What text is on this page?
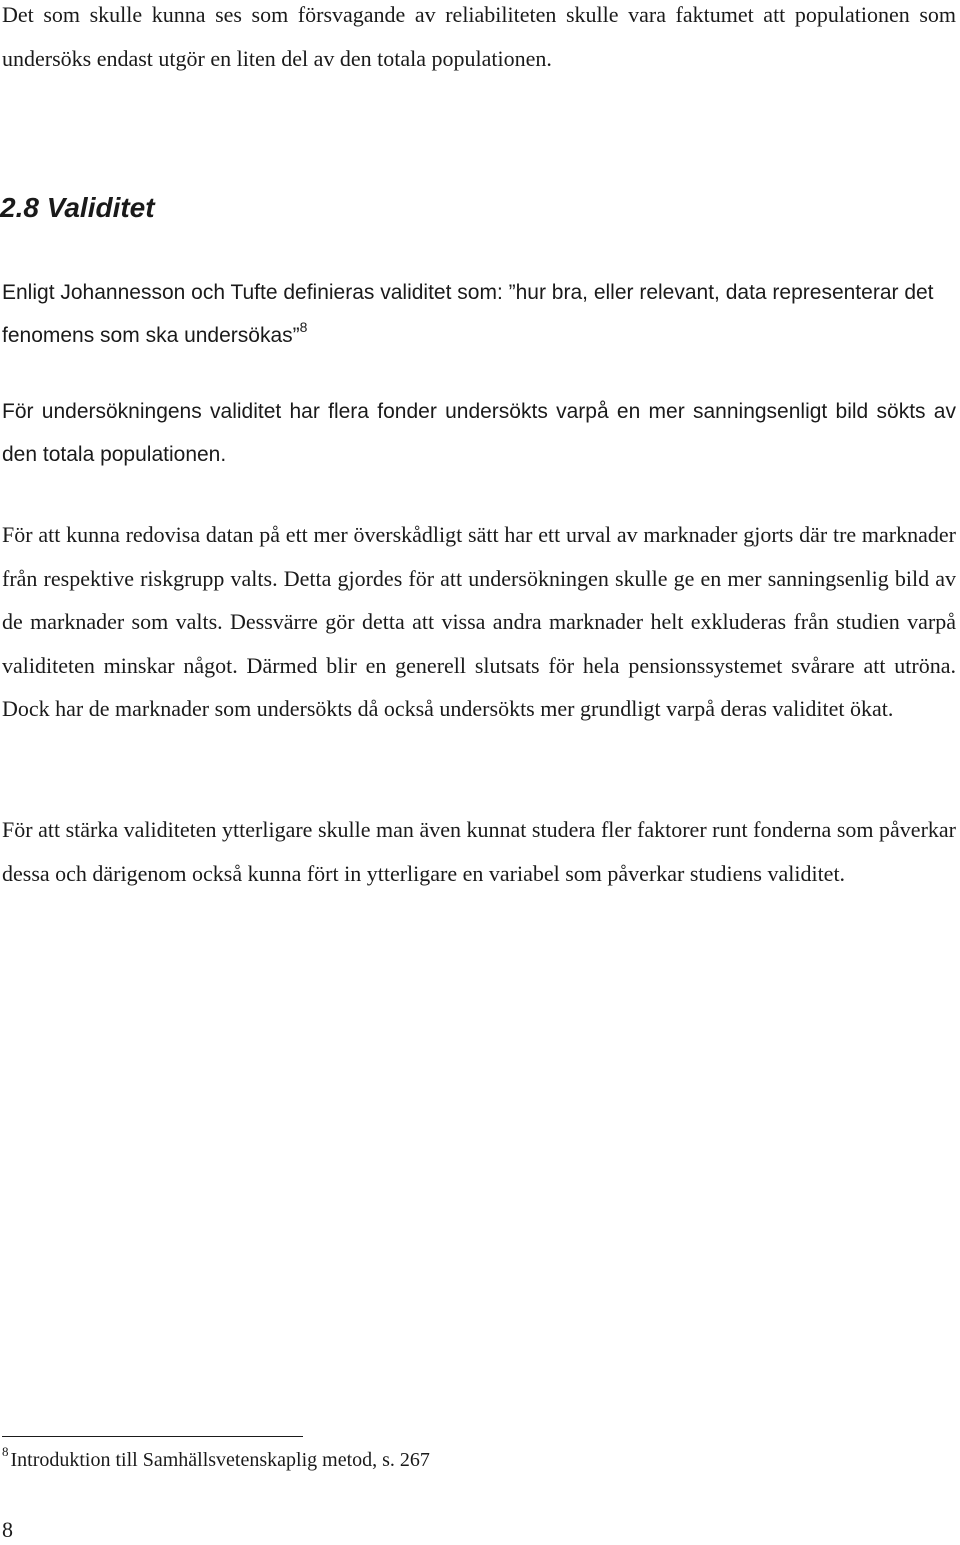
Det som skulle kunna ses som försvagande av reliabiliteten skulle vara faktumet att populationen som undersöks endast utgör en liten del av den totala populationen.

2.8 Validitet

Enligt Johannesson och Tufte definieras validitet som: ”hur bra, eller relevant, data representerar det fenomens som ska undersökas”$^8$

För undersökningens validitet har flera fonder undersökts varpå en mer sanningsenligt bild sökts av den totala populationen.

För att kunna redovisa datan på ett mer överskådligt sätt har ett urval av marknader gjorts där tre marknader från respektive riskgrupp valts. Detta gjordes för att undersökningen skulle ge en mer sanningsenlig bild av de marknader som valts. Dessvärre gör detta att vissa andra marknader helt exkluderas från studien varpå validiteten minskar något. Därmed blir en generell slutsats för hela pensionssystemet svårare att utröna. Dock har de marknader som undersökts då också undersökts mer grundligt varpå deras validitet ökat.

För att stärka validiteten ytterligare skulle man även kunnat studera fler faktorer runt fonderna som påverkar dessa och därigenom också kunna fört in ytterligare en variabel som påverkar studiens validitet.

$^8$ Introduktion till Samhällsvetenskaplig metod, s. 267

8
